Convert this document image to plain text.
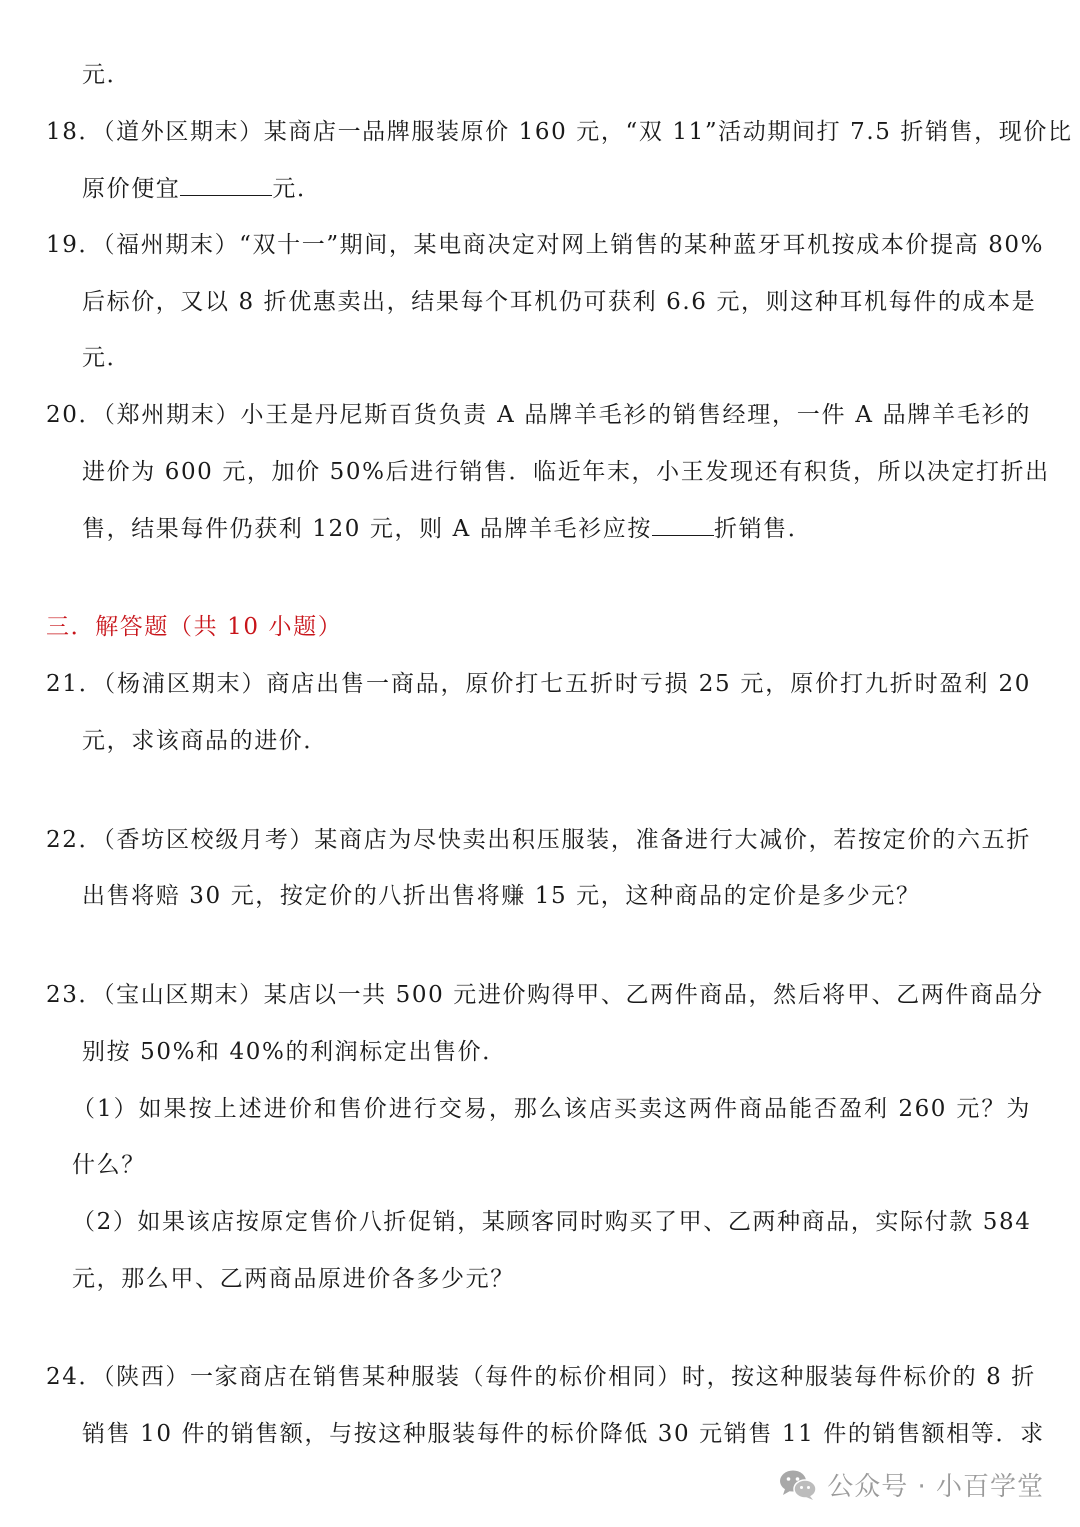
元．
18．（道外区期末）某商店一品牌服装原价 160 元，“双 11”活动期间打 7.5 折销售，现价比
原价便宜	元．
19．（福州期末）“双十一”期间，某电商决定对网上销售的某种蓝牙耳机按成本价提高 80%
后标价，又以 8 折优惠卖出，结果每个耳机仍可获利 6.6 元，则这种耳机每件的成本是
元．
20．（郑州期末）小王是丹尼斯百货负责 A 品牌羊毛衫的销售经理，一件 A 品牌羊毛衫的
进价为 600 元，加价 50%后进行销售．临近年末，小王发现还有积货，所以决定打折出
售，结果每件仍获利 120 元，则 A 品牌羊毛衫应按	折销售．
三．解答题（共 10 小题）
21．（杨浦区期末）商店出售一商品，原价打七五折时亏损 25 元，原价打九折时盈利 20
元，求该商品的进价．
22．（香坊区校级月考）某商店为尽快卖出积压服装，准备进行大减价，若按定价的六五折
出售将赔 30 元，按定价的八折出售将赚 15 元，这种商品的定价是多少元？
23．（宝山区期末）某店以一共 500 元进价购得甲、乙两件商品，然后将甲、乙两件商品分
别按 50%和 40%的利润标定出售价．
（1）如果按上述进价和售价进行交易，那么该店买卖这两件商品能否盈利 260 元？为
什么？
（2）如果该店按原定售价八折促销，某顾客同时购买了甲、乙两种商品，实际付款 584
元，那么甲、乙两商品原进价各多少元？
24．（陕西）一家商店在销售某种服装（每件的标价相同）时，按这种服装每件标价的 8 折
销售 10 件的销售额，与按这种服装每件的标价降低 30 元销售 11 件的销售额相等．求
公众号 · 小百学堂
